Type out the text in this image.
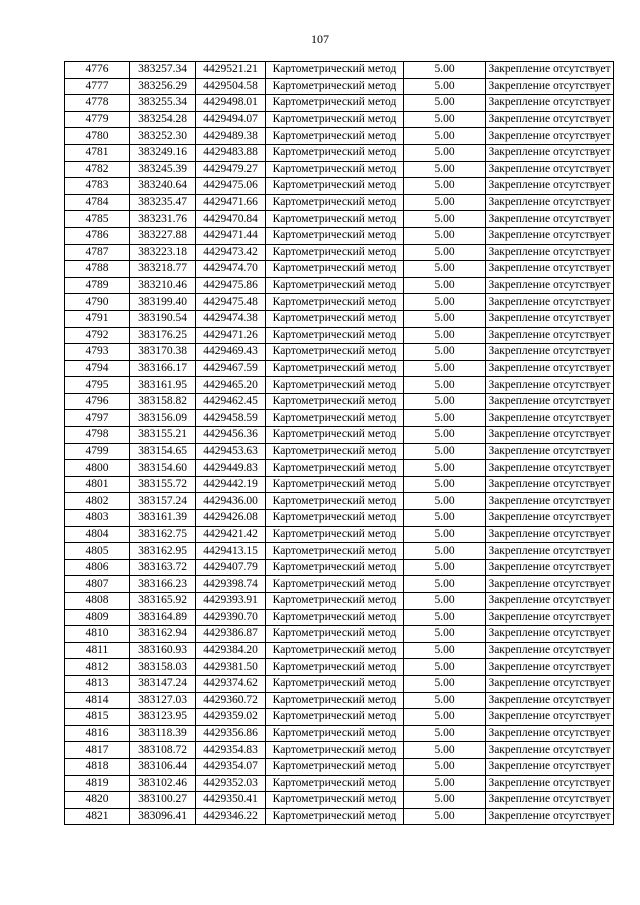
107
4776	383257.34	4429521.21	Картометрический метод	5.00	Закрепление отсутствует
4777	383256.29	4429504.58	Картометрический метод	5.00	Закрепление отсутствует
4778	383255.34	4429498.01	Картометрический метод	5.00	Закрепление отсутствует
4779	383254.28	4429494.07	Картометрический метод	5.00	Закрепление отсутствует
4780	383252.30	4429489.38	Картометрический метод	5.00	Закрепление отсутствует
4781	383249.16	4429483.88	Картометрический метод	5.00	Закрепление отсутствует
4782	383245.39	4429479.27	Картометрический метод	5.00	Закрепление отсутствует
4783	383240.64	4429475.06	Картометрический метод	5.00	Закрепление отсутствует
4784	383235.47	4429471.66	Картометрический метод	5.00	Закрепление отсутствует
4785	383231.76	4429470.84	Картометрический метод	5.00	Закрепление отсутствует
4786	383227.88	4429471.44	Картометрический метод	5.00	Закрепление отсутствует
4787	383223.18	4429473.42	Картометрический метод	5.00	Закрепление отсутствует
4788	383218.77	4429474.70	Картометрический метод	5.00	Закрепление отсутствует
4789	383210.46	4429475.86	Картометрический метод	5.00	Закрепление отсутствует
4790	383199.40	4429475.48	Картометрический метод	5.00	Закрепление отсутствует
4791	383190.54	4429474.38	Картометрический метод	5.00	Закрепление отсутствует
4792	383176.25	4429471.26	Картометрический метод	5.00	Закрепление отсутствует
4793	383170.38	4429469.43	Картометрический метод	5.00	Закрепление отсутствует
4794	383166.17	4429467.59	Картометрический метод	5.00	Закрепление отсутствует
4795	383161.95	4429465.20	Картометрический метод	5.00	Закрепление отсутствует
4796	383158.82	4429462.45	Картометрический метод	5.00	Закрепление отсутствует
4797	383156.09	4429458.59	Картометрический метод	5.00	Закрепление отсутствует
4798	383155.21	4429456.36	Картометрический метод	5.00	Закрепление отсутствует
4799	383154.65	4429453.63	Картометрический метод	5.00	Закрепление отсутствует
4800	383154.60	4429449.83	Картометрический метод	5.00	Закрепление отсутствует
4801	383155.72	4429442.19	Картометрический метод	5.00	Закрепление отсутствует
4802	383157.24	4429436.00	Картометрический метод	5.00	Закрепление отсутствует
4803	383161.39	4429426.08	Картометрический метод	5.00	Закрепление отсутствует
4804	383162.75	4429421.42	Картометрический метод	5.00	Закрепление отсутствует
4805	383162.95	4429413.15	Картометрический метод	5.00	Закрепление отсутствует
4806	383163.72	4429407.79	Картометрический метод	5.00	Закрепление отсутствует
4807	383166.23	4429398.74	Картометрический метод	5.00	Закрепление отсутствует
4808	383165.92	4429393.91	Картометрический метод	5.00	Закрепление отсутствует
4809	383164.89	4429390.70	Картометрический метод	5.00	Закрепление отсутствует
4810	383162.94	4429386.87	Картометрический метод	5.00	Закрепление отсутствует
4811	383160.93	4429384.20	Картометрический метод	5.00	Закрепление отсутствует
4812	383158.03	4429381.50	Картометрический метод	5.00	Закрепление отсутствует
4813	383147.24	4429374.62	Картометрический метод	5.00	Закрепление отсутствует
4814	383127.03	4429360.72	Картометрический метод	5.00	Закрепление отсутствует
4815	383123.95	4429359.02	Картометрический метод	5.00	Закрепление отсутствует
4816	383118.39	4429356.86	Картометрический метод	5.00	Закрепление отсутствует
4817	383108.72	4429354.83	Картометрический метод	5.00	Закрепление отсутствует
4818	383106.44	4429354.07	Картометрический метод	5.00	Закрепление отсутствует
4819	383102.46	4429352.03	Картометрический метод	5.00	Закрепление отсутствует
4820	383100.27	4429350.41	Картометрический метод	5.00	Закрепление отсутствует
4821	383096.41	4429346.22	Картометрический метод	5.00	Закрепление отсутствует
